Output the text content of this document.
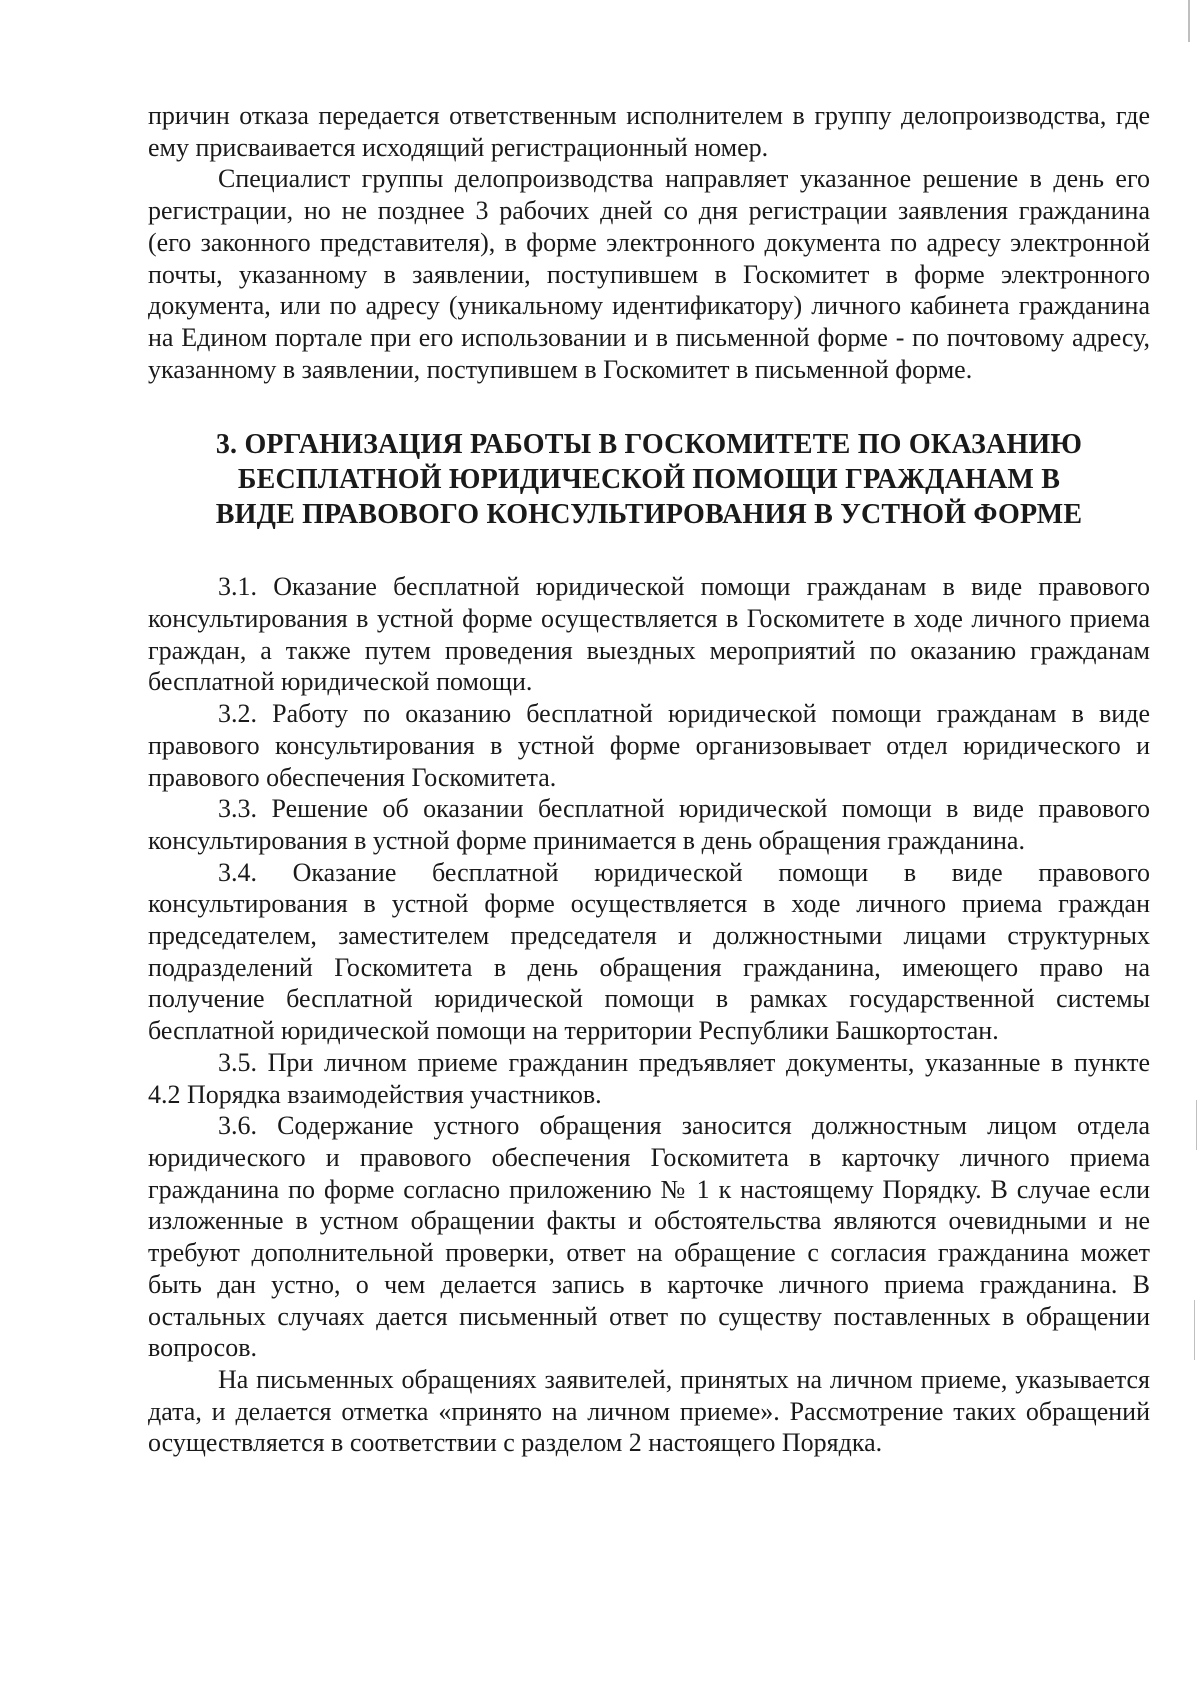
причин отказа передается ответственным исполнителем в группу делопроизводства, где ему присваивается исходящий регистрационный номер.

Специалист группы делопроизводства направляет указанное решение в день его регистрации, но не позднее 3 рабочих дней со дня регистрации заявления гражданина (его законного представителя), в форме электронного документа по адресу электронной почты, указанному в заявлении, поступившем в Госкомитет в форме электронного документа, или по адресу (уникальному идентификатору) личного кабинета гражданина на Едином портале при его использовании и в письменной форме - по почтовому адресу, указанному в заявлении, поступившем в Госкомитет в письменной форме.

3. ОРГАНИЗАЦИЯ РАБОТЫ В ГОСКОМИТЕТЕ ПО ОКАЗАНИЮ
БЕСПЛАТНОЙ ЮРИДИЧЕСКОЙ ПОМОЩИ ГРАЖДАНАМ В
ВИДЕ ПРАВОВОГО КОНСУЛЬТИРОВАНИЯ В УСТНОЙ ФОРМЕ

3.1. Оказание бесплатной юридической помощи гражданам в виде правового консультирования в устной форме осуществляется в Госкомитете в ходе личного приема граждан, а также путем проведения выездных мероприятий по оказанию гражданам бесплатной юридической помощи.

3.2. Работу по оказанию бесплатной юридической помощи гражданам в виде правового консультирования в устной форме организовывает отдел юридического и правового обеспечения Госкомитета.

3.3. Решение об оказании бесплатной юридической помощи в виде правового консультирования в устной форме принимается в день обращения гражданина.

3.4. Оказание бесплатной юридической помощи в виде правового консультирования в устной форме осуществляется в ходе личного приема граждан председателем, заместителем председателя и должностными лицами структурных подразделений Госкомитета в день обращения гражданина, имеющего право на получение бесплатной юридической помощи в рамках государственной системы бесплатной юридической помощи на территории Республики Башкортостан.

3.5. При личном приеме гражданин предъявляет документы, указанные в пункте 4.2 Порядка взаимодействия участников.

3.6. Содержание устного обращения заносится должностным лицом отдела юридического и правового обеспечения Госкомитета в карточку личного приема гражданина по форме согласно приложению № 1 к настоящему Порядку. В случае если изложенные в устном обращении факты и обстоятельства являются очевидными и не требуют дополнительной проверки, ответ на обращение с согласия гражданина может быть дан устно, о чем делается запись в карточке личного приема гражданина. В остальных случаях дается письменный ответ по существу поставленных в обращении вопросов.

На письменных обращениях заявителей, принятых на личном приеме, указывается дата, и делается отметка «принято на личном приеме». Рассмотрение таких обращений осуществляется в соответствии с разделом 2 настоящего Порядка.
